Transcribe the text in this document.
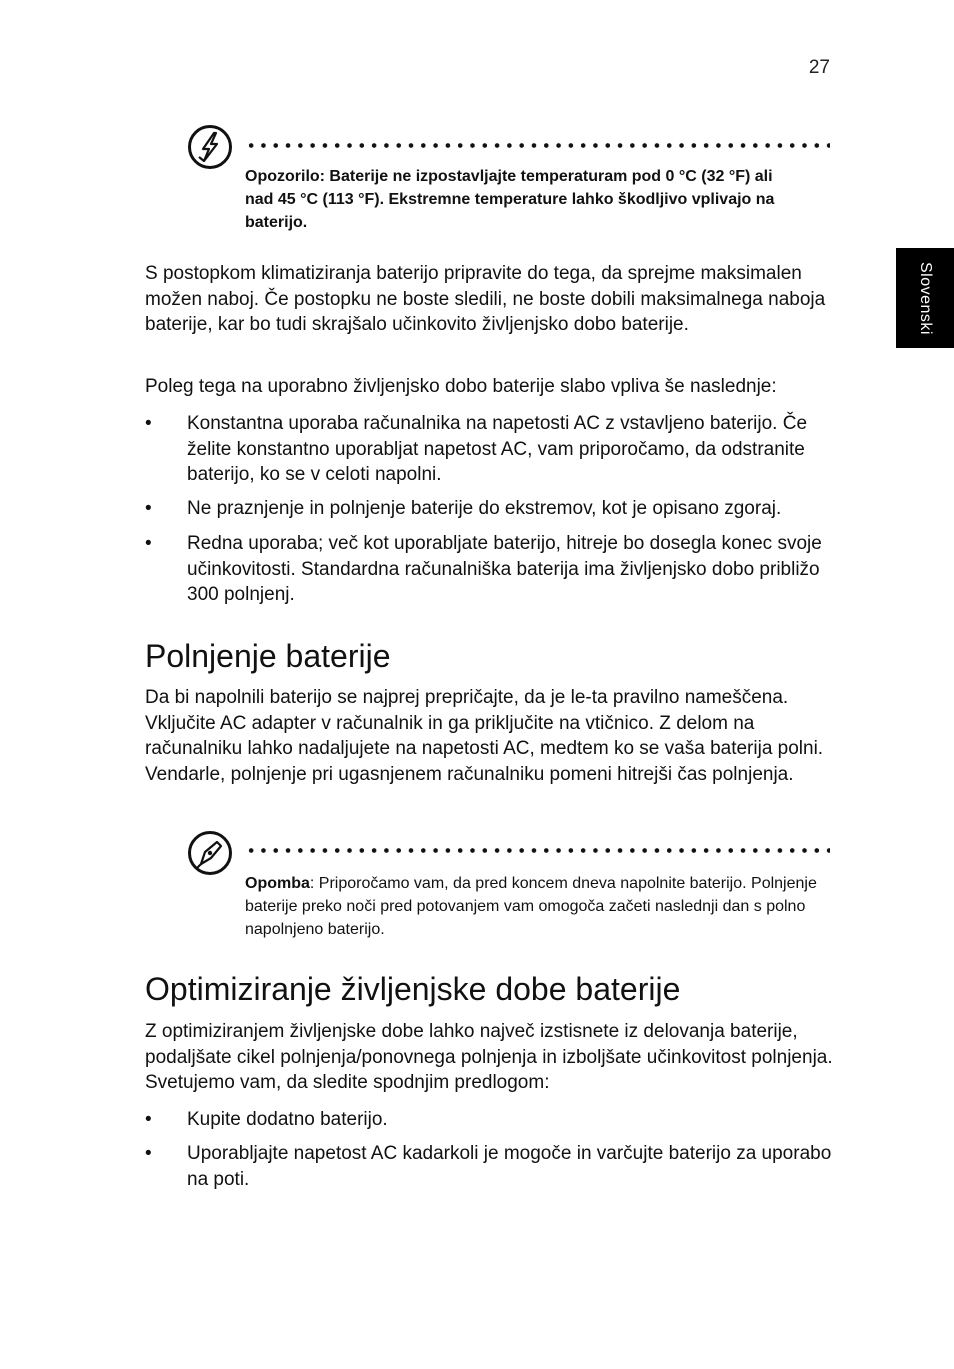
27
Slovenski
Opozorilo: Baterije ne izpostavljajte temperaturam pod 0 °C (32 °F) ali nad 45 °C (113 °F). Ekstremne temperature lahko škodljivo vplivajo na baterijo.

S postopkom klimatiziranja baterijo pripravite do tega, da sprejme maksimalen možen naboj. Če postopku ne boste sledili, ne boste dobili maksimalnega naboja baterije, kar bo tudi skrajšalo učinkovito življenjsko dobo baterije.

Poleg tega na uporabno življenjsko dobo baterije slabo vpliva še naslednje:

• Konstantna uporaba računalnika na napetosti AC z vstavljeno baterijo. Če želite konstantno uporabljat napetost AC, vam priporočamo, da odstranite baterijo, ko se v celoti napolni.
• Ne praznjenje in polnjenje baterije do ekstremov, kot je opisano zgoraj.
• Redna uporaba; več kot uporabljate baterijo, hitreje bo dosegla konec svoje učinkovitosti. Standardna računalniška baterija ima življenjsko dobo približo 300 polnjenj.
Polnjenje baterije

Da bi napolnili baterijo se najprej prepričajte, da je le-ta pravilno nameščena. Vključite AC adapter v računalnik in ga priključite na vtičnico. Z delom na računalniku lahko nadaljujete na napetosti AC, medtem ko se vaša baterija polni. Vendarle, polnjenje pri ugasnjenem računalniku pomeni hitrejši čas polnjenja.

Opomba: Priporočamo vam, da pred koncem dneva napolnite baterijo. Polnjenje baterije preko noči pred potovanjem vam omogoča začeti naslednji dan s polno napolnjeno baterijo.
Optimiziranje življenjske dobe baterije

Z optimiziranjem življenjske dobe lahko največ izstisnete iz delovanja baterije, podaljšate cikel polnjenja/ponovnega polnjenja in izboljšate učinkovitost polnjenja. Svetujemo vam, da sledite spodnjim predlogom:

• Kupite dodatno baterijo.
• Uporabljajte napetost AC kadarkoli je mogoče in varčujte baterijo za uporabo na poti.
